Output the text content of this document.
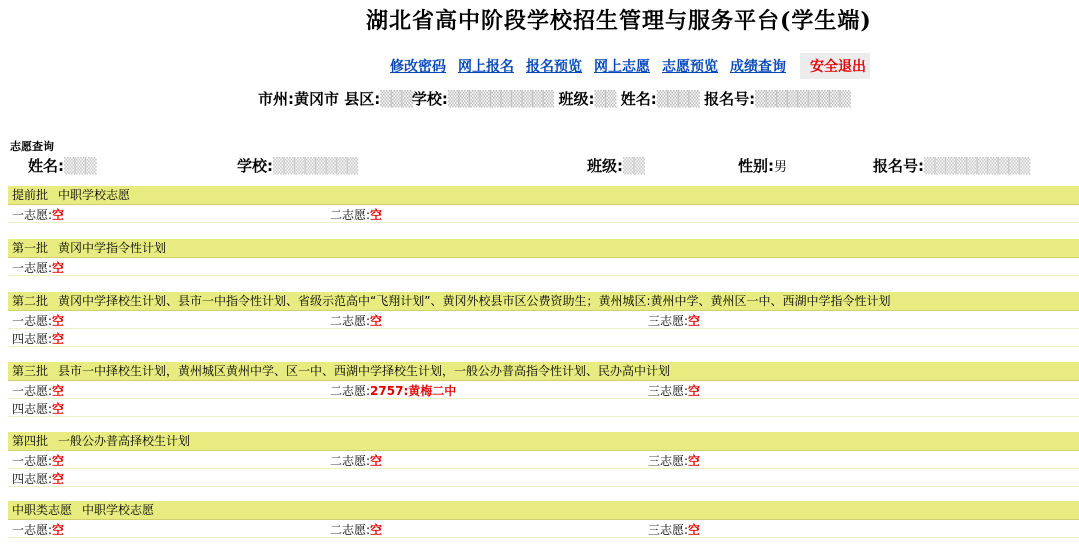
湖北省高中阶段学校招生管理与服务平台(学生端)
修改密码 网上报名 报名预览 网上志愿 志愿预览 成绩查询	安全退出
市州:黄冈市 县区:▒▒▒学校:▒▒▒▒▒▒▒▒▒▒ 班级:▒▒ 姓名:▒▒▒▒ 报名号:▒▒▒▒▒▒▒▒▒
志愿查询
姓名:▒▒▒	学校:▒▒▒▒▒▒▒▒	班级:▒▒	性别:男	报名号:▒▒▒▒▒▒▒▒▒▒
提前批 中职学校志愿
一志愿:空	二志愿:空
第一批 黄冈中学指令性计划
一志愿:空
第二批 黄冈中学择校生计划、县市一中指令性计划、省级示范高中“飞翔计划”、黄冈外校县市区公费资助生；黄州城区:黄州中学、黄州区一中、西湖中学指令性计划
一志愿:空	二志愿:空	三志愿:空
四志愿:空
第三批 县市一中择校生计划，黄州城区黄州中学、区一中、西湖中学择校生计划，一般公办普高指令性计划、民办高中计划
一志愿:空	二志愿:2757:黄梅二中	三志愿:空
四志愿:空
第四批 一般公办普高择校生计划
一志愿:空	二志愿:空	三志愿:空
四志愿:空
中职类志愿 中职学校志愿
一志愿:空	二志愿:空	三志愿:空
